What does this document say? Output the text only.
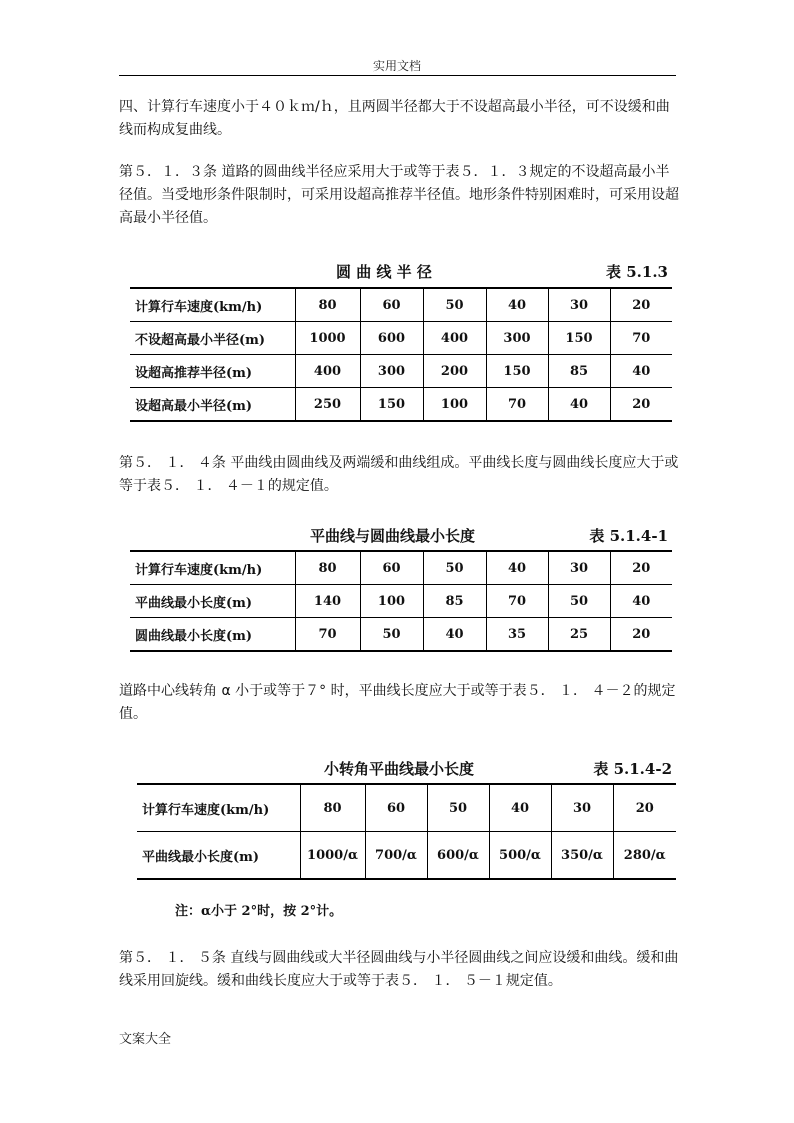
实用文档

四、计算行车速度小于４０ｋｍ/ｈ，且两圆半径都大于不设超高最小半径，可不设缓和曲线而构成复曲线。

第５．１．３条 道路的圆曲线半径应采用大于或等于表５．１．３规定的不设超高最小半径值。当受地形条件限制时，可采用设超高推荐半径值。地形条件特别困难时，可采用设超高最小半径值。

圆 曲 线 半 径	表 5.1.3
计算行车速度(km/h)	80	60	50	40	30	20
不设超高最小半径(m)	1000	600	400	300	150	70
设超高推荐半径(m)	400	300	200	150	85	40
设超高最小半径(m)	250	150	100	70	40	20

第５． １． ４条 平曲线由圆曲线及两端缓和曲线组成。平曲线长度与圆曲线长度应大于或等于表５． １． ４－１的规定值。

平曲线与圆曲线最小长度	表 5.1.4-1
计算行车速度(km/h)	80	60	50	40	30	20
平曲线最小长度(m)	140	100	85	70	50	40
圆曲线最小长度(m)	70	50	40	35	25	20

道路中心线转角 α 小于或等于７° 时，平曲线长度应大于或等于表５． １． ４－２的规定值。

小转角平曲线最小长度	表 5.1.4-2
计算行车速度(km/h)	80	60	50	40	30	20
平曲线最小长度(m)	1000/α	700/α	600/α	500/α	350/α	280/α
注：α小于 2°时，按 2°计。

第５． １． ５条 直线与圆曲线或大半径圆曲线与小半径圆曲线之间应设缓和曲线。缓和曲线采用回旋线。缓和曲线长度应大于或等于表５． １． ５－１规定值。

文案大全
